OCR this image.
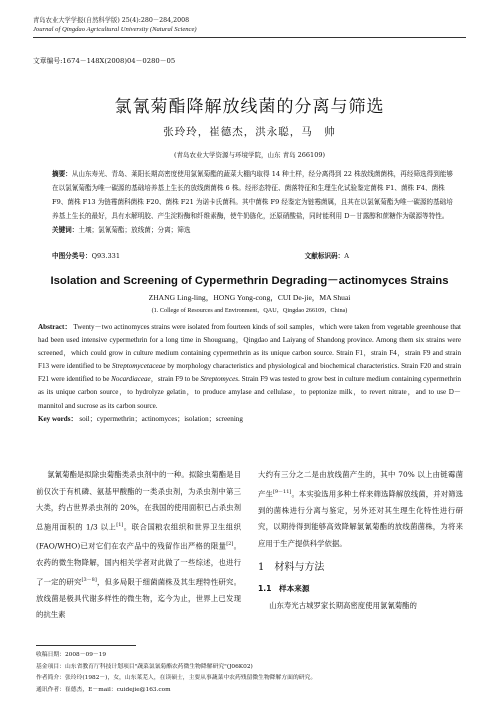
青岛农业大学学报(自然科学版) 25(4):280－284,2008
Journal of Qingdao Agricultural University (Natural Science)
文章编号:1674－148X(2008)04－0280－05
氯氰菊酯降解放线菌的分离与筛选
张玲玲，崔德杰，洪永聪，马　帅
(青岛农业大学资源与环境学院，山东 青岛 266109)
摘要：从山东寿光、青岛、莱阳长期高密度使用氯氰菊酯的蔬菜大棚内取得 14 种土样，经分离得到 22 株放线菌菌株，再经筛选得到能够在以氯氰菊酯为唯一碳源的基础培养基上生长的放线菌菌株 6 株。经形态特征、菌落特征和生理生化试验鉴定菌株 F1、菌株 F4、菌株 F9、菌株 F13 为链霉菌科菌株 F20、菌株 F21 为诺卡氏菌科。其中菌株 F9 经鉴定为链霉菌属，且其在以氯氰菊酯为唯一碳源的基础培养基上生长的最好，具有水解明胶、产生淀粉酶和纤维素酶，使牛奶胨化，还原硝酸盐，同时能利用 D－甘露醇和蔗糖作为碳源等特性。
关键词：土壤；氯氰菊酯；放线菌；分离；筛选
中图分类号：Q93.331	文献标识码：A
Isolation and Screening of Cypermethrin Degrading－actinomyces Strains
ZHANG Ling-ling，HONG Yong-cong，CUI De-jie，MA Shuai
(1. College of Resources and Environment，QAU，Qingdao 266109，China)
Abstract： Twenty－two actinomyces strains were isolated from fourteen kinds of soil samples，which were taken from vegetable greenhouse that had been used intensive cypermethrin for a long time in Shouguang，Qingdao and Laiyang of Shandong province. Among them six strains were screened，which could grow in culture medium containing cypermethrin as its unique carbon source. Strain F1，strain F4，strain F9 and strain F13 were identified to be Streptomycetaceae by morphology characteristics and physiological and biochemical characteristics. Strain F20 and strain F21 were identified to be Nocardiaceae，strain F9 to be Streptomyces. Strain F9 was tested to grow best in culture medium containing cypermethrin as its unique carbon source，to hydrolyze gelatin，to produce amylase and cellulase，to peptonize milk，to revert nitrate，and to use D－mannitol and sucrose as its carbon source.
Key words： soil；cypermethrin；actinomyces；isolation；screening
氯氰菊酯是拟除虫菊酯类杀虫剂中的一种。拟除虫菊酯是目前仅次于有机磷、氨基甲酸酯的一类杀虫剂，为杀虫剂中第三大类，约占世界杀虫剂的 20%，在我国的使用面积已占杀虫剂总施用面积的 1/3 以上[1]。联合国粮农组织和世界卫生组织(FAO/WHO)已对它们在农产品中的残留作出严格的限量[2]。农药的微生物降解，国内相关学者对此做了一些综述，也进行了一定的研究[3－8]，但多局限于细菌菌株及其生理特性研究。放线菌是极具代谢多样性的微生物，迄今为止，世界上已发现的抗生素
大约有三分之二是由放线菌产生的，其中 70% 以上由链霉菌产生[9－11]。本实验选用多种土样来筛选降解放线菌，并对筛选到的菌株进行分离与鉴定，另外还对其生理生化特性进行研究，以期待得到能够高效降解氯氰菊酯的放线菌菌株，为将来应用于生产提供科学依据。
1　材料与方法
1.1　样本来源
山东寿光古城罗家长期高密度使用氯氰菊酯的
收稿日期：2008－09－19
基金项目：山东省教育厅科技计划项目"蔬菜氯氰菊酯农药微生物降解研究"(J06K02)
作者简介：张玲玲(1982－)，女，山东莱芜人，在读硕士，主要从事蔬菜中农药残留微生物降解方面的研究。
通讯作者：崔德杰，E－mail：cuidejie@163.com
